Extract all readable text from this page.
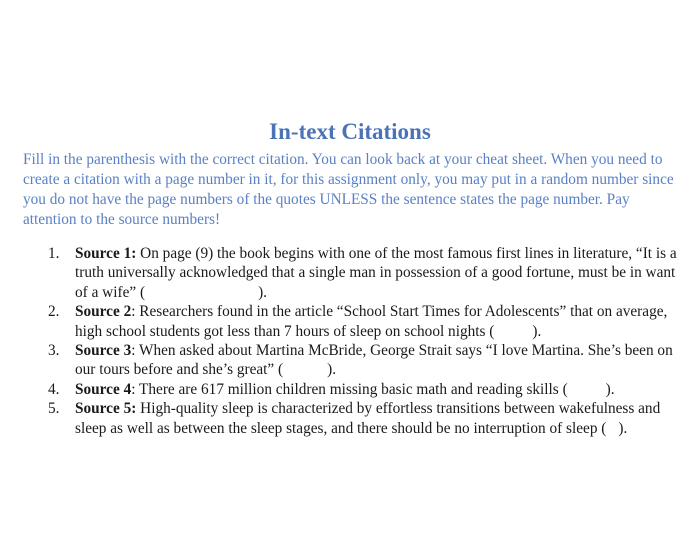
In-text Citations

Fill in the parenthesis with the correct citation. You can look back at your cheat sheet. When you need to create a citation with a page number in it, for this assignment only, you may put in a random number since you do not have the page numbers of the quotes UNLESS the sentence states the page number. Pay attention to the source numbers!

1. Source 1: On page (9) the book begins with one of the most famous first lines in literature, “It is a truth universally acknowledged that a single man in possession of a good fortune, must be in want of a wife” (	).
2. Source 2: Researchers found in the article “School Start Times for Adolescents” that on average, high school students got less than 7 hours of sleep on school nights ( ).
3. Source 3: When asked about Martina McBride, George Strait says “I love Martina. She’s been on our tours before and she’s great” (	).
4. Source 4: There are 617 million children missing basic math and reading skills ( ).
5. Source 5: High-quality sleep is characterized by effortless transitions between wakefulness and sleep as well as between the sleep stages, and there should be no interruption of sleep ( ).
